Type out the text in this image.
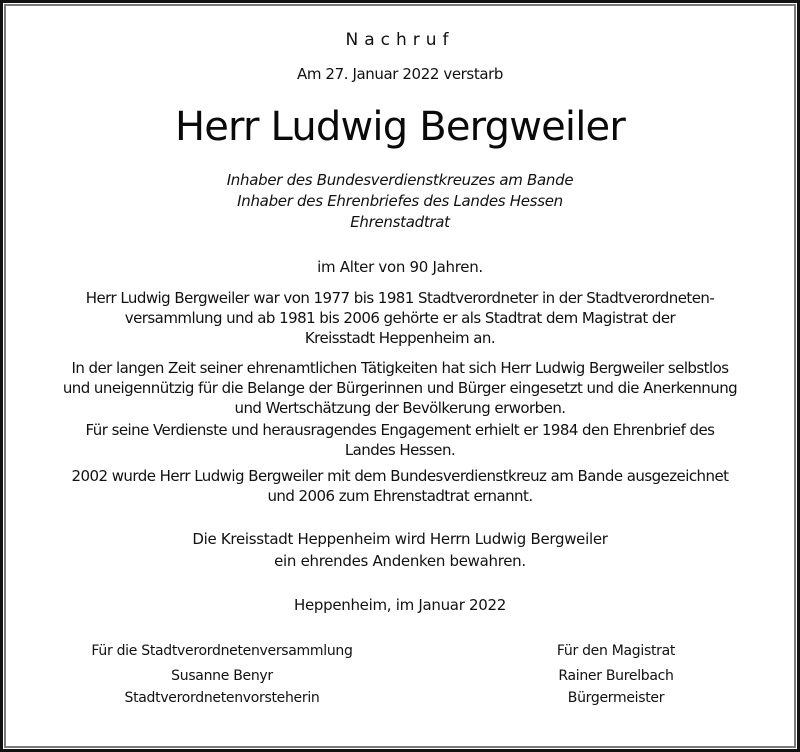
Nachruf
Am 27. Januar 2022 verstarb
Herr Ludwig Bergweiler
Inhaber des Bundesverdienstkreuzes am Bande
Inhaber des Ehrenbriefes des Landes Hessen
Ehrenstadtrat
im Alter von 90 Jahren.
Herr Ludwig Bergweiler war von 1977 bis 1981 Stadtverordneter in der Stadtverordneten-
versammlung und ab 1981 bis 2006 gehörte er als Stadtrat dem Magistrat der
Kreisstadt Heppenheim an.
In der langen Zeit seiner ehrenamtlichen Tätigkeiten hat sich Herr Ludwig Bergweiler selbstlos
und uneigennützig für die Belange der Bürgerinnen und Bürger eingesetzt und die Anerkennung
und Wertschätzung der Bevölkerung erworben.
Für seine Verdienste und herausragendes Engagement erhielt er 1984 den Ehrenbrief des
Landes Hessen.
2002 wurde Herr Ludwig Bergweiler mit dem Bundesverdienstkreuz am Bande ausgezeichnet
und 2006 zum Ehrenstadtrat ernannt.
Die Kreisstadt Heppenheim wird Herrn Ludwig Bergweiler
ein ehrendes Andenken bewahren.
Heppenheim, im Januar 2022
Für die Stadtverordnetenversammlung
Susanne Benyr
Stadtverordnetenvorsteherin
Für den Magistrat
Rainer Burelbach
Bürgermeister
